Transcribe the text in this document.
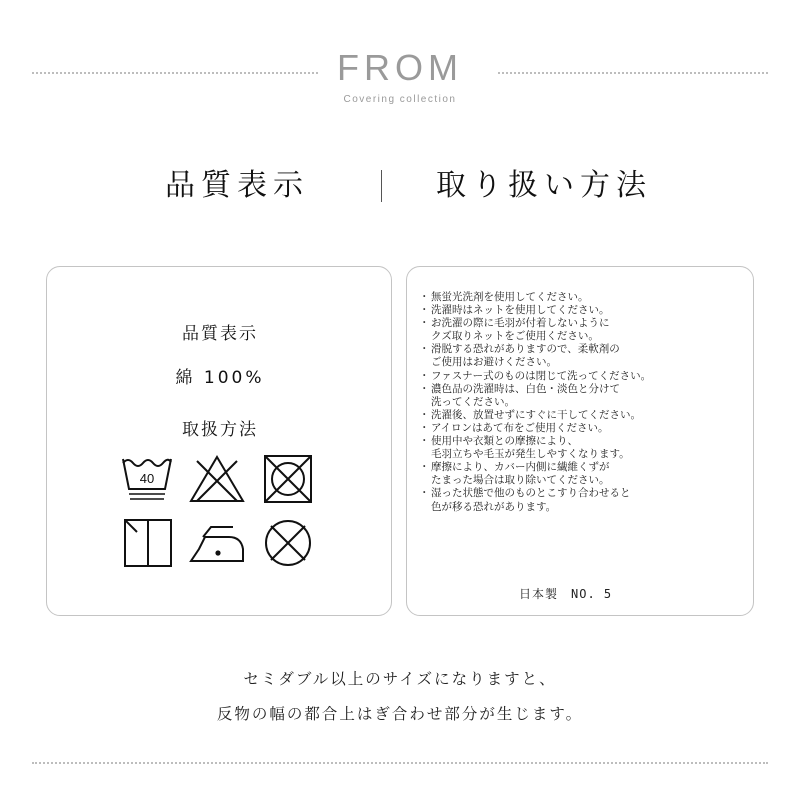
FROM
Covering collection
品質表示	取り扱い方法
品質表示
綿 100%
取扱方法
40
・ 無蛍光洗剤を使用してください。
・ 洗濯時はネットを使用してください。
・ お洗濯の際に毛羽が付着しないように
クズ取りネットをご使用ください。
・ 滑脱する恐れがありますので、柔軟剤の
ご使用はお避けください。
・ ファスナー式のものは閉じて洗ってください。
・ 濃色品の洗濯時は、白色・淡色と分けて
洗ってください。
・ 洗濯後、放置せずにすぐに干してください。
・ アイロンはあて布をご使用ください。
・ 使用中や衣類との摩擦により、
毛羽立ちや毛玉が発生しやすくなります。
・ 摩擦により、カバー内側に繊維くずが
たまった場合は取り除いてください。
・ 湿った状態で他のものとこすり合わせると
色が移る恐れがあります。
日本製　NO. 5
セミダブル以上のサイズになりますと、
反物の幅の都合上はぎ合わせ部分が生じます。
